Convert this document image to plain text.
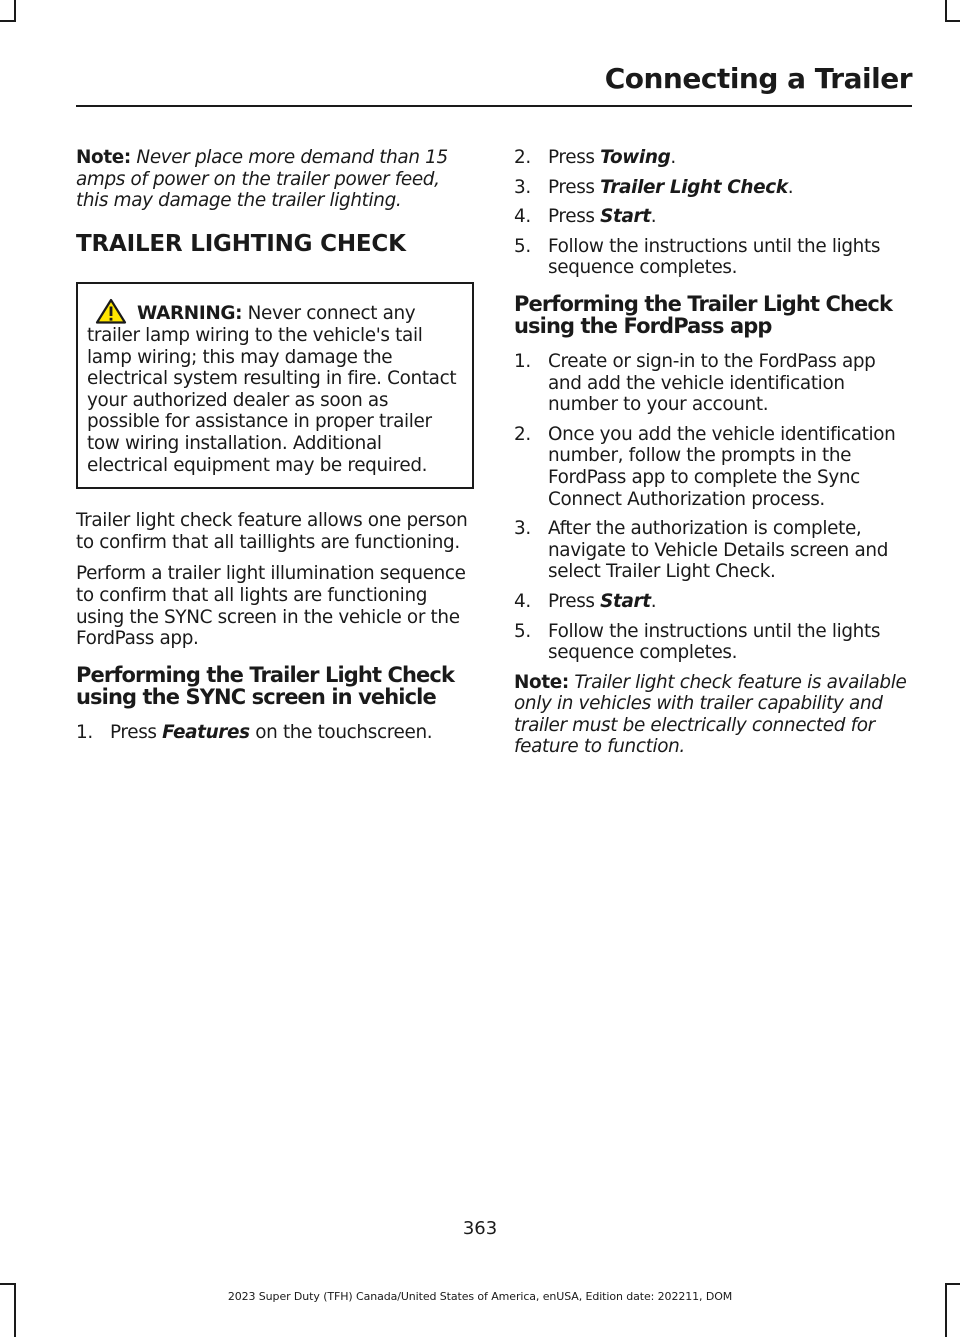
Connecting a Trailer

Note: Never place more demand than 15 amps of power on the trailer power feed, this may damage the trailer lighting.

TRAILER LIGHTING CHECK
WARNING: Never connect any trailer lamp wiring to the vehicle's tail lamp wiring; this may damage the electrical system resulting in fire. Contact your authorized dealer as soon as possible for assistance in proper trailer tow wiring installation. Additional electrical equipment may be required.

Trailer light check feature allows one person to confirm that all taillights are functioning.

Perform a trailer light illumination sequence to confirm that all lights are functioning using the SYNC screen in the vehicle or the FordPass app.

Performing the Trailer Light Check using the SYNC screen in vehicle
1. Press Features on the touchscreen.
2. Press Towing.
3. Press Trailer Light Check.
4. Press Start.
5. Follow the instructions until the lights sequence completes.
Performing the Trailer Light Check using the FordPass app
1. Create or sign-in to the FordPass app and add the vehicle identification number to your account.
2. Once you add the vehicle identification number, follow the prompts in the FordPass app to complete the Sync Connect Authorization process.
3. After the authorization is complete, navigate to Vehicle Details screen and select Trailer Light Check.
4. Press Start.
5. Follow the instructions until the lights sequence completes.

Note: Trailer light check feature is available only in vehicles with trailer capability and trailer must be electrically connected for feature to function.

363
2023 Super Duty (TFH) Canada/United States of America, enUSA, Edition date: 202211, DOM
